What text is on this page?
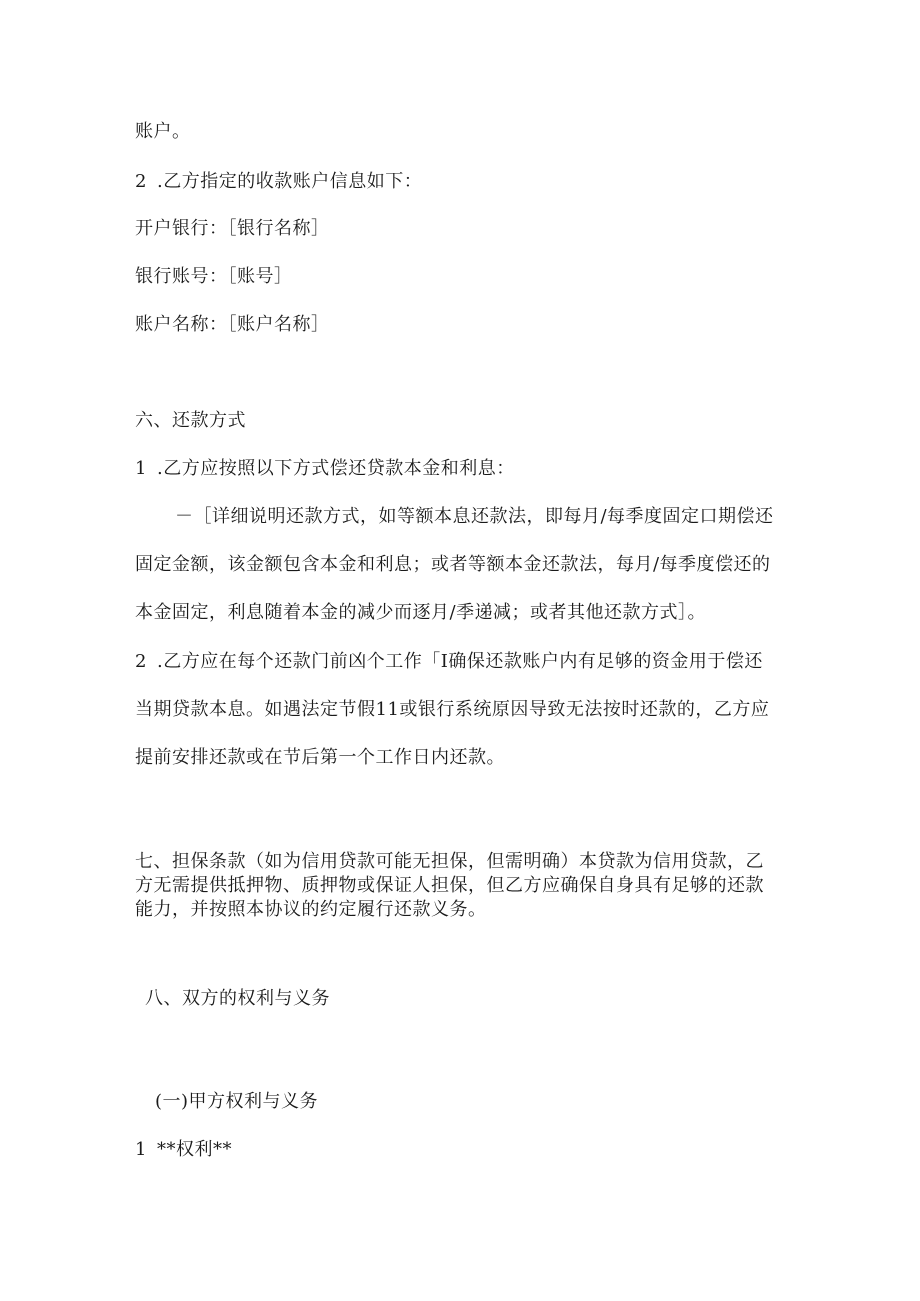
账户。
2 .乙方指定的收款账户信息如下：
开户银行：［银行名称］
银行账号：［账号］
账户名称：［账户名称］
六、还款方式
1 .乙方应按照以下方式偿还贷款本金和利息：
－［详细说明还款方式，如等额本息还款法，即每月/每季度固定口期偿还
固定金额，该金额包含本金和利息；或者等额本金还款法，每月/每季度偿还的
本金固定，利息随着本金的减少而逐月/季递减；或者其他还款方式］。
2 .乙方应在每个还款门前凶个工作「I确保还款账户内有足够的资金用于偿还
当期贷款本息。如遇法定节假11或银行系统原因导致无法按时还款的，乙方应
提前安排还款或在节后第一个工作日内还款。
七、担保条款（如为信用贷款可能无担保，但需明确）本贷款为信用贷款，乙
方无需提供抵押物、质押物或保证人担保，但乙方应确保自身具有足够的还款
能力，并按照本协议的约定履行还款义务。
八、双方的权利与义务
(一)甲方权利与义务
1 **权利**
